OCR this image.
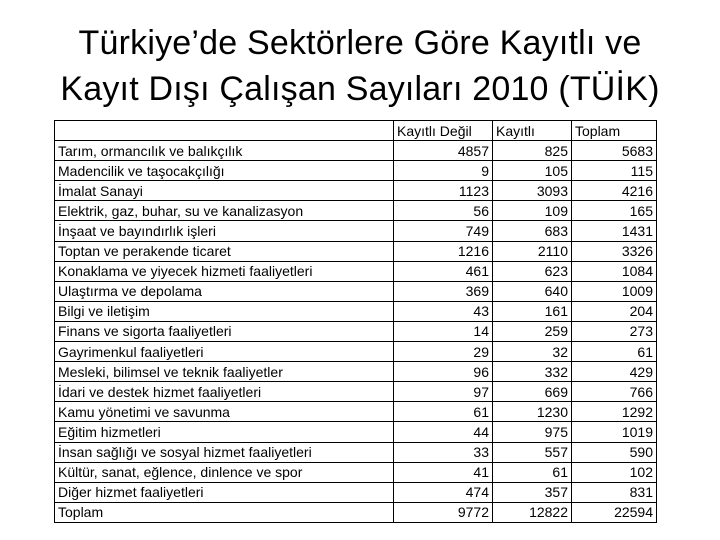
Türkiye’de Sektörlere Göre Kayıtlı ve
Kayıt Dışı Çalışan Sayıları 2010 (TÜİK)
	Kayıtlı Değil	Kayıtlı	Toplam
Tarım, ormancılık ve balıkçılık	4857	825	5683
Madencilik ve taşocakçılığı	9	105	115
İmalat Sanayi	1123	3093	4216
Elektrik, gaz, buhar, su ve kanalizasyon	56	109	165
İnşaat ve bayındırlık işleri	749	683	1431
Toptan ve perakende ticaret	1216	2110	3326
Konaklama ve yiyecek hizmeti faaliyetleri	461	623	1084
Ulaştırma ve depolama	369	640	1009
Bilgi ve iletişim	43	161	204
Finans ve sigorta faaliyetleri	14	259	273
Gayrimenkul faaliyetleri	29	32	61
Mesleki, bilimsel ve teknik faaliyetler	96	332	429
İdari ve destek hizmet faaliyetleri	97	669	766
Kamu yönetimi ve savunma	61	1230	1292
Eğitim hizmetleri	44	975	1019
İnsan sağlığı ve sosyal hizmet faaliyetleri	33	557	590
Kültür, sanat, eğlence, dinlence ve spor	41	61	102
Diğer hizmet faaliyetleri	474	357	831
Toplam	9772	12822	22594
